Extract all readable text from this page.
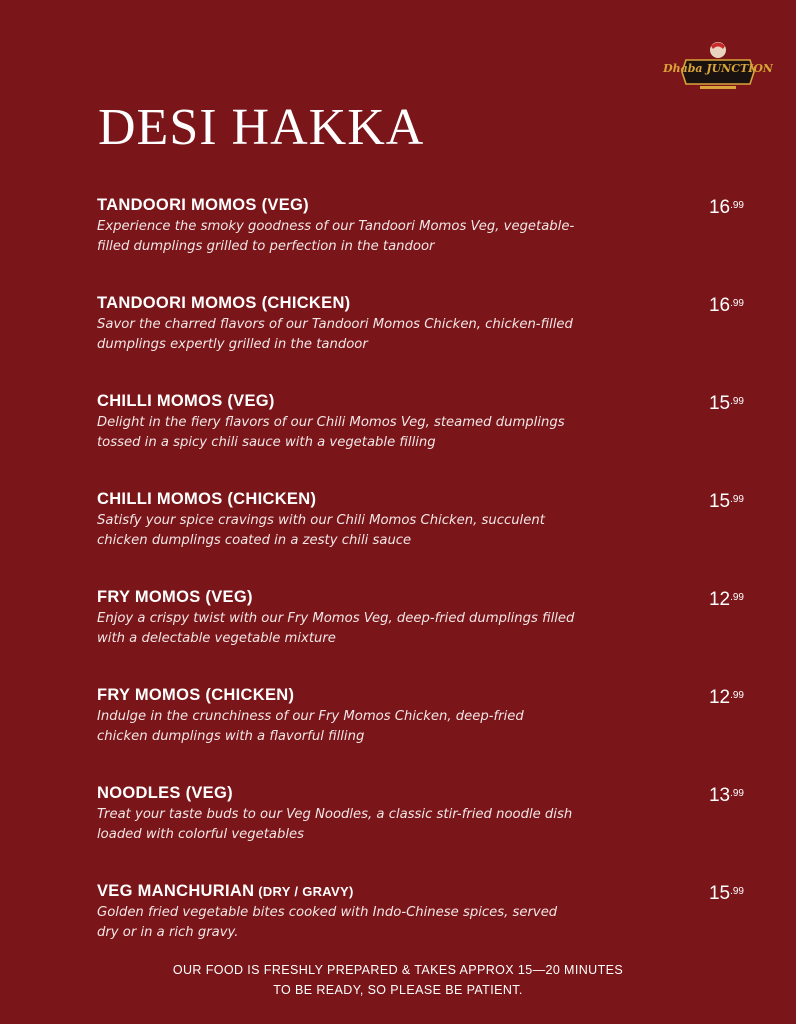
Dhaba JUNCTION
DESI HAKKA
TANDOORI MOMOS (VEG)
Experience the smoky goodness of our Tandoori Momos Veg, vegetable-filled dumplings grilled to perfection in the tandoor
$16^{.99}$
TANDOORI MOMOS (CHICKEN)
Savor the charred flavors of our Tandoori Momos Chicken, chicken-filled dumplings expertly grilled in the tandoor
$16^{.99}$
CHILLI MOMOS (VEG)
Delight in the fiery flavors of our Chili Momos Veg, steamed dumplings tossed in a spicy chili sauce with a vegetable filling
$15^{.99}$
CHILLI MOMOS (CHICKEN)
Satisfy your spice cravings with our Chili Momos Chicken, succulent chicken dumplings coated in a zesty chili sauce
$15^{.99}$
FRY MOMOS (VEG)
Enjoy a crispy twist with our Fry Momos Veg, deep-fried dumplings filled with a delectable vegetable mixture
$12^{.99}$
FRY MOMOS (CHICKEN)
Indulge in the crunchiness of our Fry Momos Chicken, deep-fried chicken dumplings with a flavorful filling
$12^{.99}$
NOODLES (VEG)
Treat your taste buds to our Veg Noodles, a classic stir-fried noodle dish loaded with colorful vegetables
$13^{.99}$
VEG MANCHURIAN (DRY / GRAVY)
Golden fried vegetable bites cooked with Indo-Chinese spices, served dry or in a rich gravy.
$15^{.99}$
OUR FOOD IS FRESHLY PREPARED & TAKES APPROX 15—20 MINUTES
TO BE READY, SO PLEASE BE PATIENT.
